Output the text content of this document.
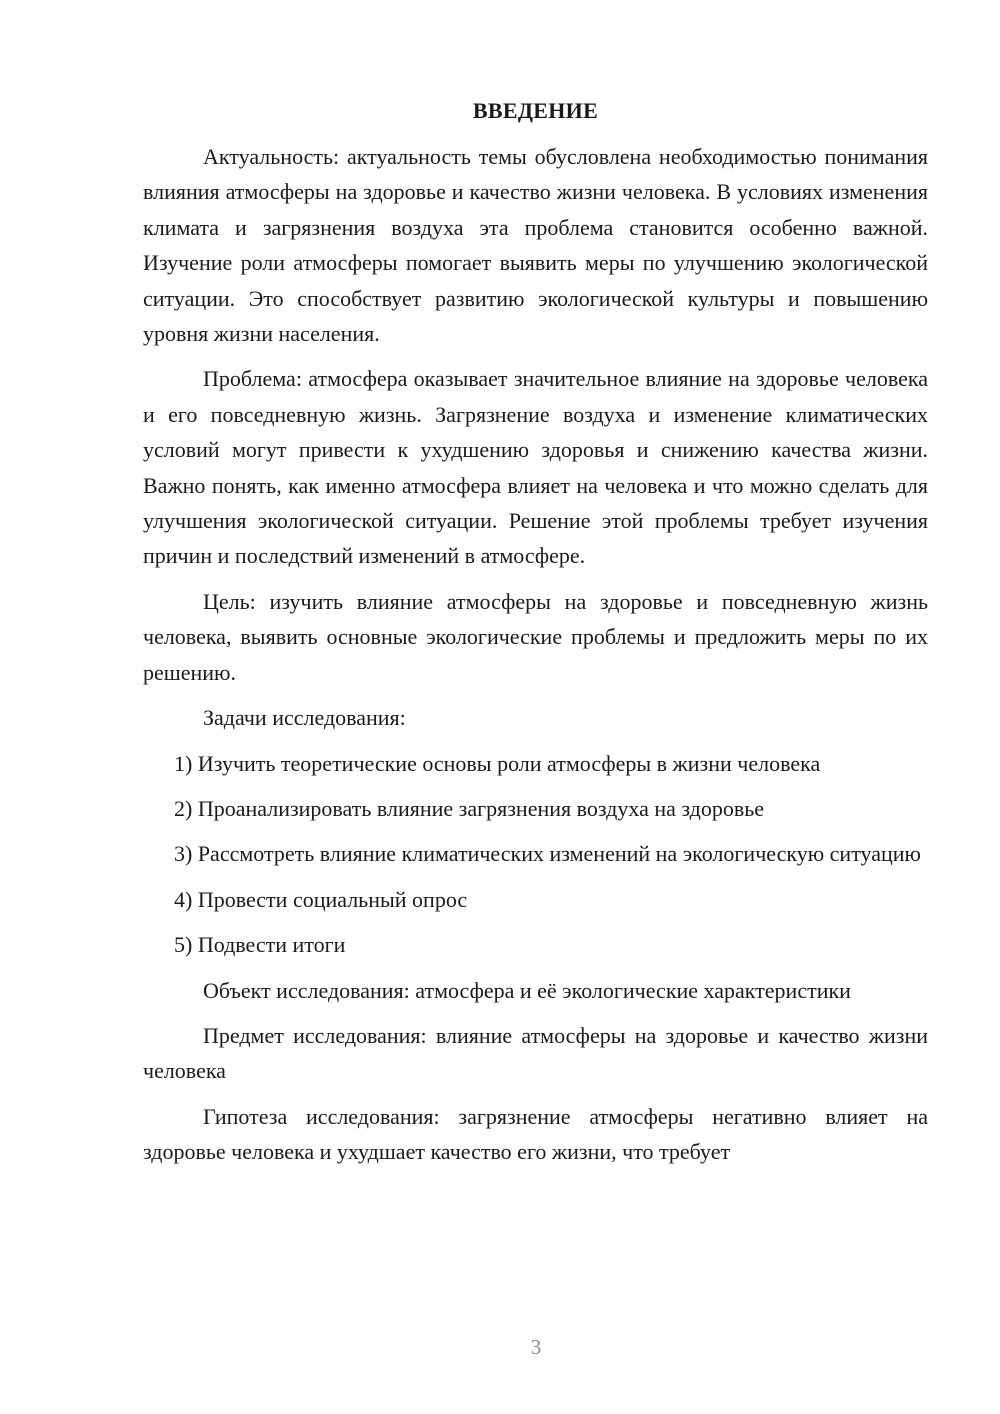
ВВЕДЕНИЕ

Актуальность: актуальность темы обусловлена необходимостью понимания влияния атмосферы на здоровье и качество жизни человека. В условиях изменения климата и загрязнения воздуха эта проблема становится особенно важной. Изучение роли атмосферы помогает выявить меры по улучшению экологической ситуации. Это способствует развитию экологической культуры и повышению уровня жизни населения.

Проблема: атмосфера оказывает значительное влияние на здоровье человека и его повседневную жизнь. Загрязнение воздуха и изменение климатических условий могут привести к ухудшению здоровья и снижению качества жизни. Важно понять, как именно атмосфера влияет на человека и что можно сделать для улучшения экологической ситуации. Решение этой проблемы требует изучения причин и последствий изменений в атмосфере.

Цель: изучить влияние атмосферы на здоровье и повседневную жизнь человека, выявить основные экологические проблемы и предложить меры по их решению.

Задачи исследования:

1) Изучить теоретические основы роли атмосферы в жизни человека

2) Проанализировать влияние загрязнения воздуха на здоровье

3) Рассмотреть влияние климатических изменений на экологическую ситуацию

4) Провести социальный опрос

5) Подвести итоги

Объект исследования: атмосфера и её экологические характеристики

Предмет исследования: влияние атмосферы на здоровье и качество жизни человека

Гипотеза исследования: загрязнение атмосферы негативно влияет на здоровье человека и ухудшает качество его жизни, что требует

3
